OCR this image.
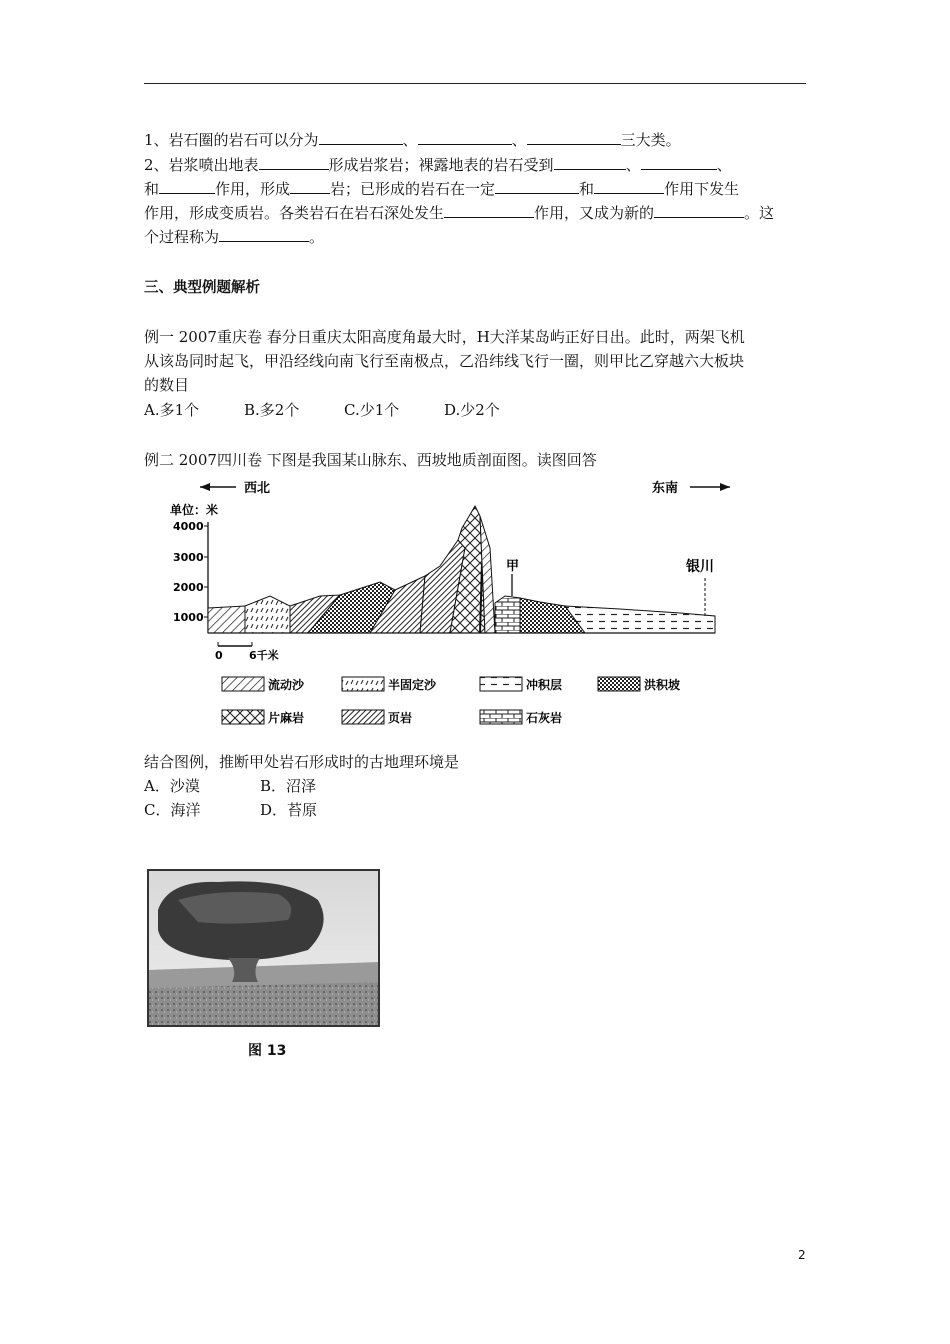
1、岩石圈的岩石可以分为	、	、	三大类。
2、岩浆喷出地表	形成岩浆岩；裸露地表的岩石受到	、	、
和	作用，形成	岩；已形成的岩石在一定	和	作用下发生
作用，形成变质岩。各类岩石在岩石深处发生	作用，又成为新的	。这
个过程称为	。
三、典型例题解析
例一 2007重庆卷 春分日重庆太阳高度角最大时，H大洋某岛屿正好日出。此时，两架飞机
从该岛同时起飞，甲沿经线向南飞行至南极点，乙沿纬线飞行一圈，则甲比乙穿越六大板块
的数目
A.多1个	B.多2个	C.少1个	D.少2个
例二 2007四川卷 下图是我国某山脉东、西坡地质剖面图。读图回答
西北	东南
单位：米
4000
3000
2000
1000
甲	银川
0 6千米
流动沙	半固定沙	冲积层	洪积坡
片麻岩	页岩	石灰岩
结合图例，推断甲处岩石形成时的古地理环境是
A．沙漠	B．沼泽
C．海洋	D．苔原
图 13
2
